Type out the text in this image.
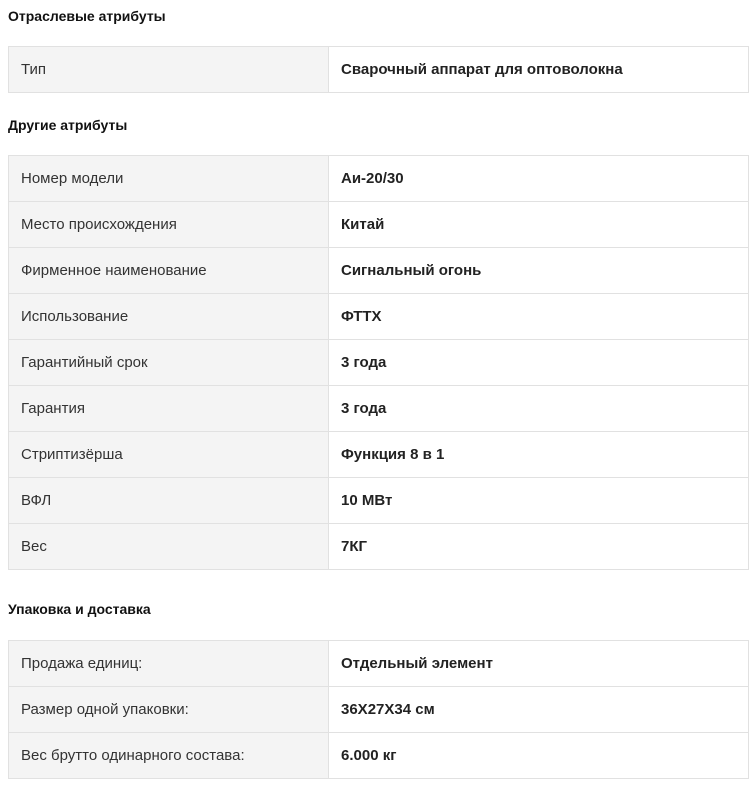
Отраслевые атрибуты
Тип	Сварочный аппарат для оптоволокна
Другие атрибуты
Номер модели	Аи-20/30
Место происхождения	Китай
Фирменное наименование	Сигнальный огонь
Использование	ФТТХ
Гарантийный срок	3 года
Гарантия	3 года
Стриптизёрша	Функция 8 в 1
ВФЛ	10 МВт
Вес	7КГ
Упаковка и доставка
Продажа единиц:	Отдельный элемент
Размер одной упаковки:	36X27X34 см
Вес брутто одинарного состава:	6.000 кг
